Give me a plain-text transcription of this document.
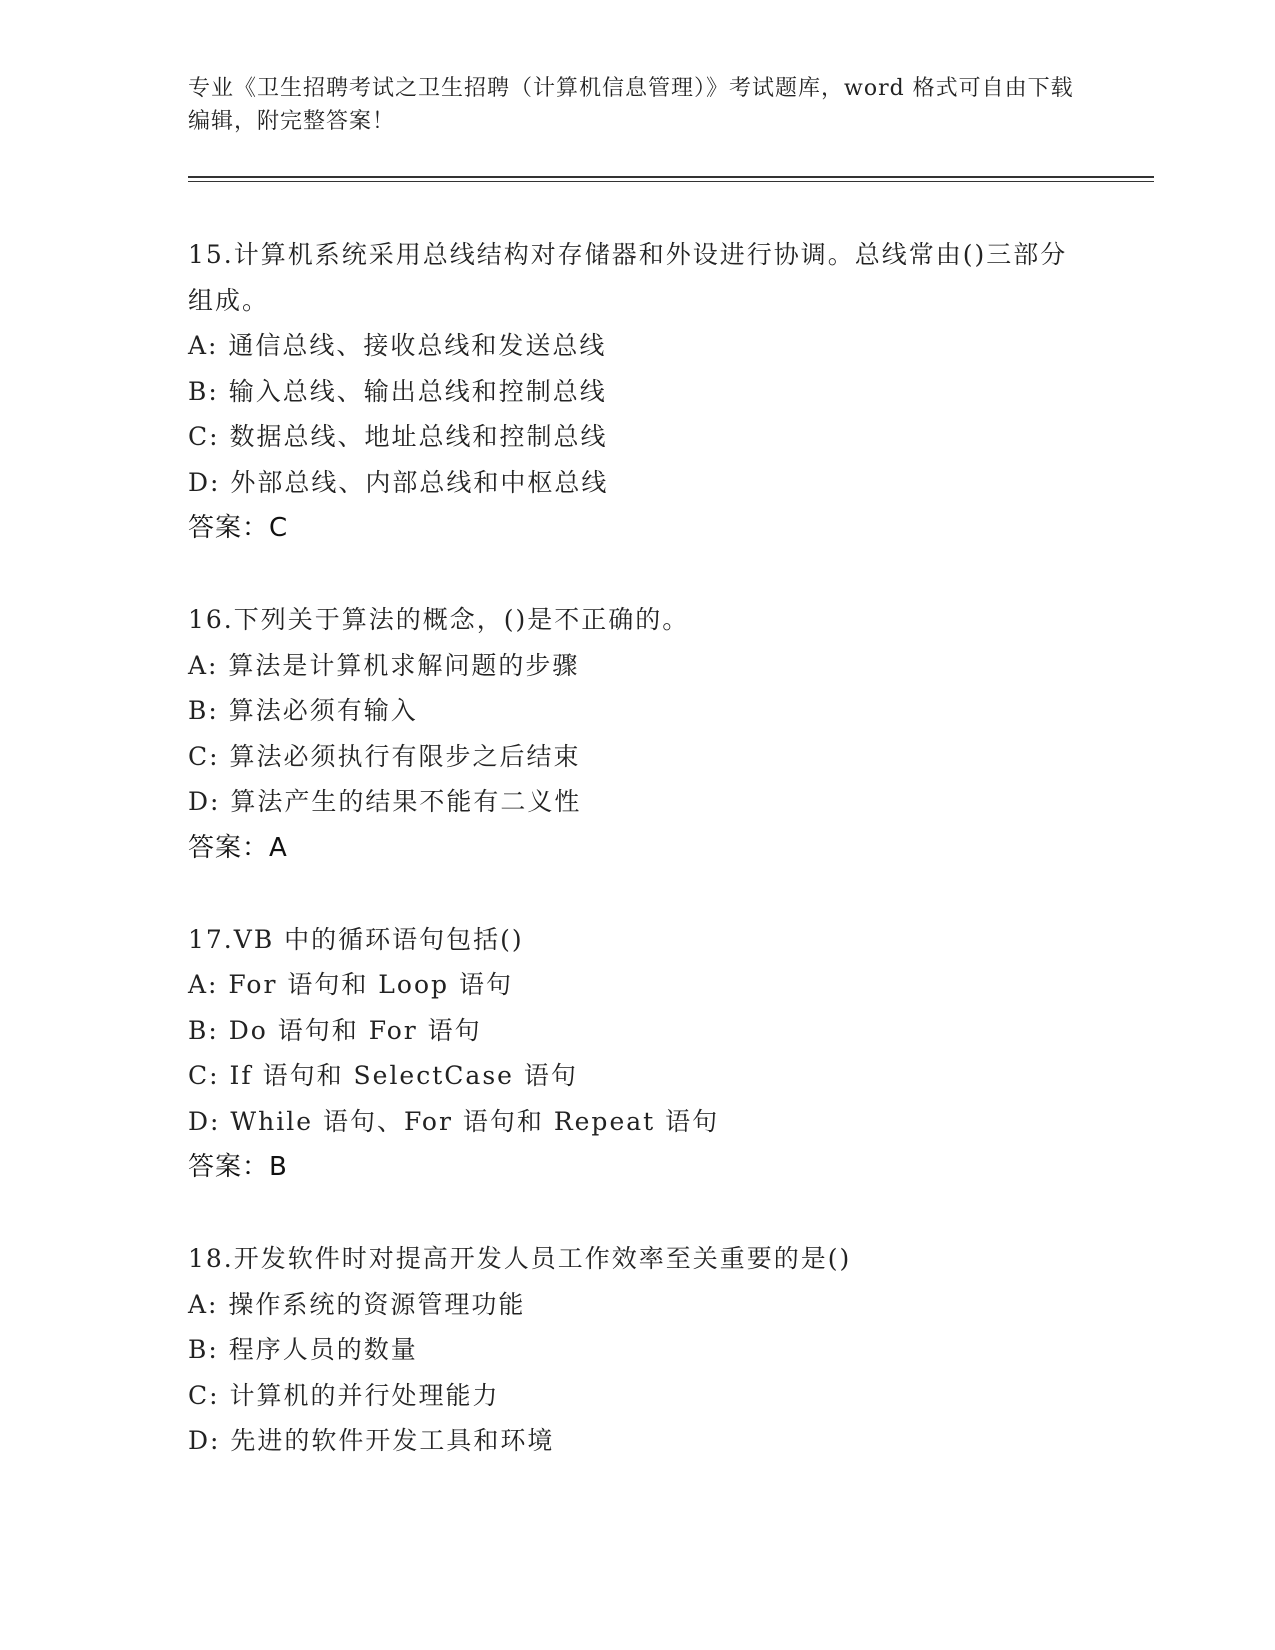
专业《卫生招聘考试之卫生招聘（计算机信息管理）》考试题库，word 格式可自由下载编辑，附完整答案！
15.计算机系统采用总线结构对存储器和外设进行协调。总线常由()三部分组成。
A: 通信总线、接收总线和发送总线
B: 输入总线、输出总线和控制总线
C: 数据总线、地址总线和控制总线
D: 外部总线、内部总线和中枢总线
答案：C
16.下列关于算法的概念，()是不正确的。
A: 算法是计算机求解问题的步骤
B: 算法必须有输入
C: 算法必须执行有限步之后结束
D: 算法产生的结果不能有二义性
答案：A
17.VB 中的循环语句包括()
A: For 语句和 Loop 语句
B: Do 语句和 For 语句
C: If 语句和 SelectCase 语句
D: While 语句、For 语句和 Repeat 语句
答案：B
18.开发软件时对提高开发人员工作效率至关重要的是()
A: 操作系统的资源管理功能
B: 程序人员的数量
C: 计算机的并行处理能力
D: 先进的软件开发工具和环境
